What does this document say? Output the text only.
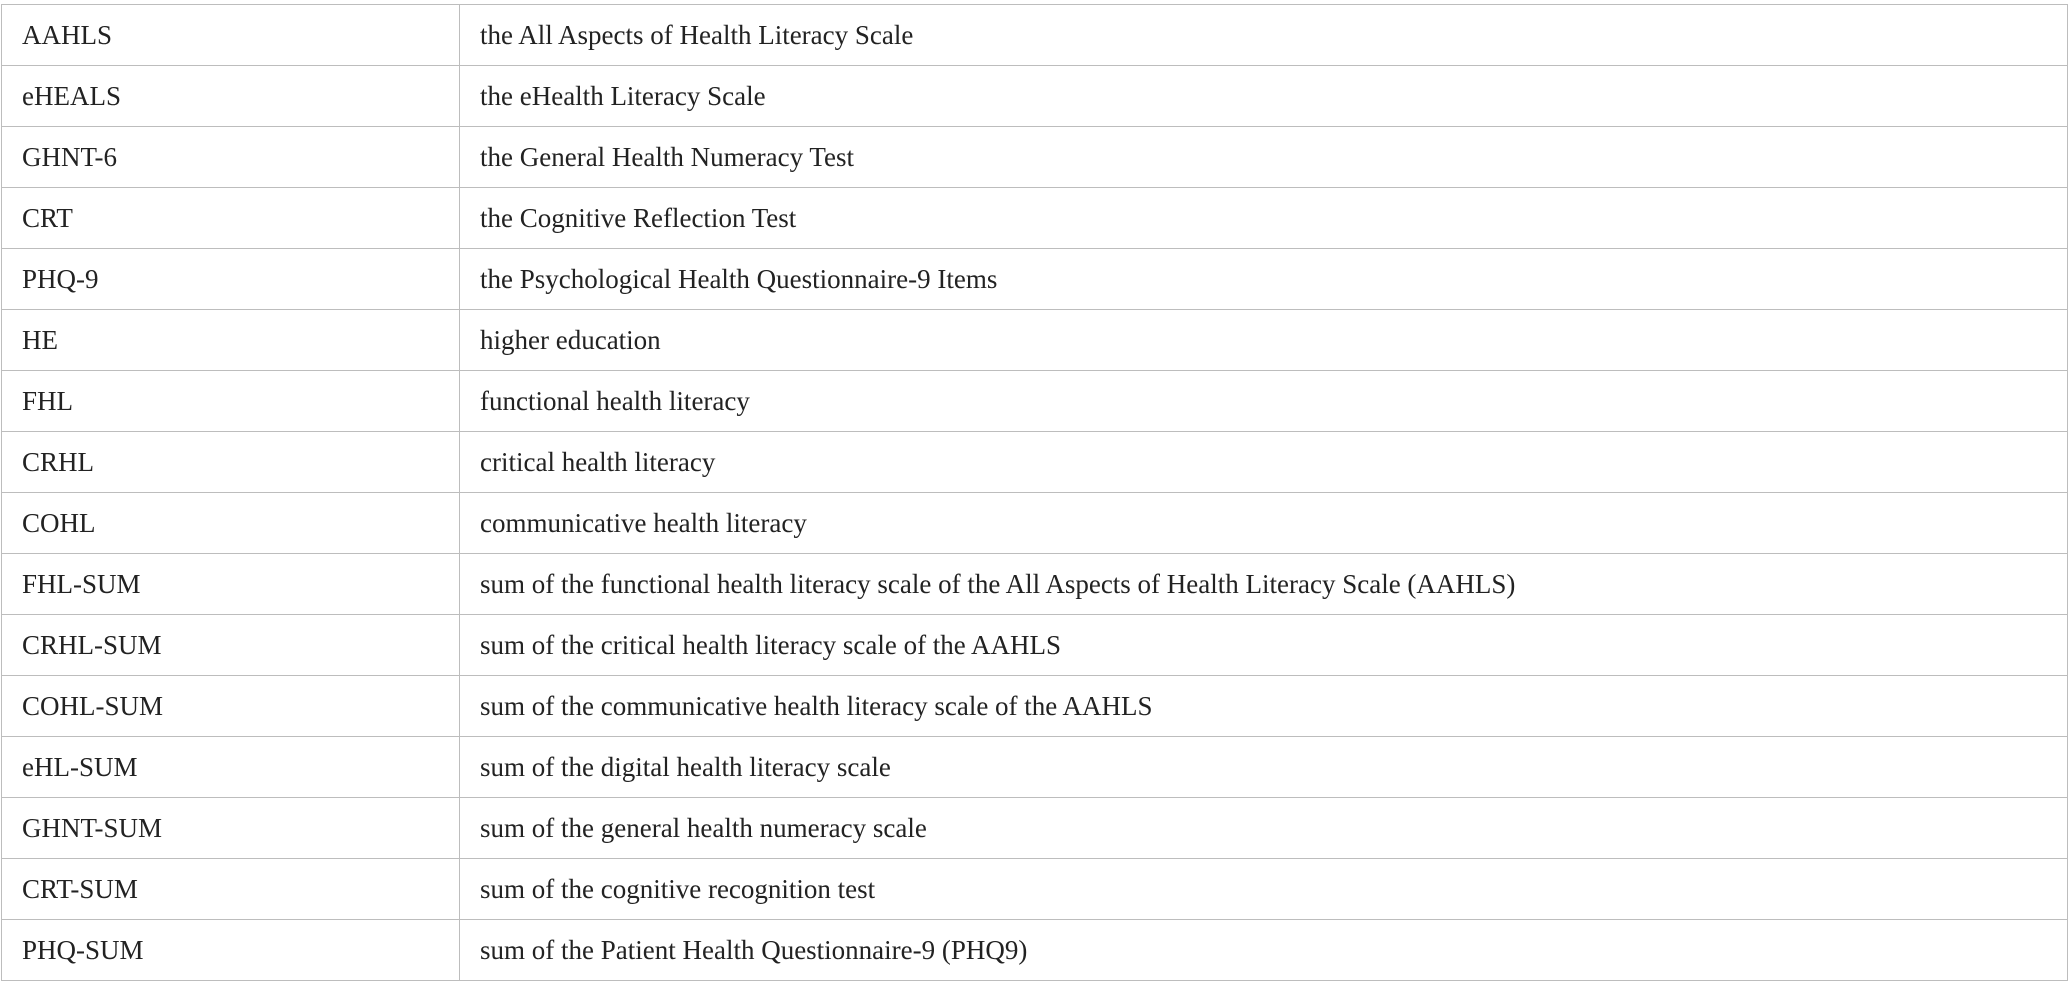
AAHLS	the All Aspects of Health Literacy Scale
eHEALS	the eHealth Literacy Scale
GHNT-6	the General Health Numeracy Test
CRT	the Cognitive Reflection Test
PHQ-9	the Psychological Health Questionnaire-9 Items
HE	higher education
FHL	functional health literacy
CRHL	critical health literacy
COHL	communicative health literacy
FHL-SUM	sum of the functional health literacy scale of the All Aspects of Health Literacy Scale (AAHLS)
CRHL-SUM	sum of the critical health literacy scale of the AAHLS
COHL-SUM	sum of the communicative health literacy scale of the AAHLS
eHL-SUM	sum of the digital health literacy scale
GHNT-SUM	sum of the general health numeracy scale
CRT-SUM	sum of the cognitive recognition test
PHQ-SUM	sum of the Patient Health Questionnaire-9 (PHQ9)
